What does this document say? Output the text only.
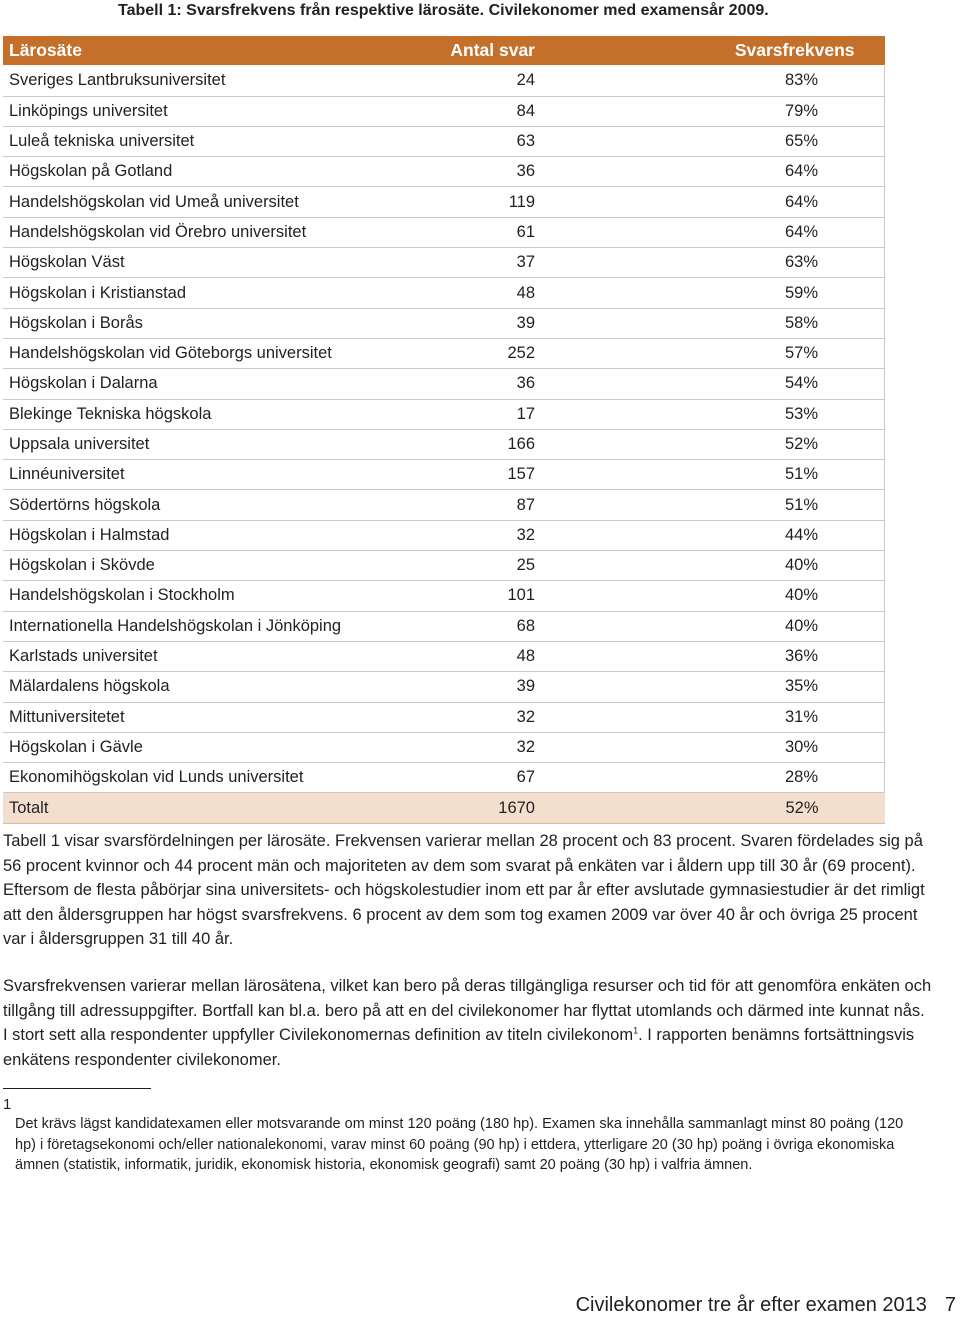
Tabell 1: Svarsfrekvens från respektive lärosäte. Civilekonomer med examensår 2009.
Lärosäte	Antal svar	Svarsfrekvens
Sveriges Lantbruksuniversitet	24	83%
Linköpings universitet	84	79%
Luleå tekniska universitet	63	65%
Högskolan på Gotland	36	64%
Handelshögskolan vid Umeå universitet	119	64%
Handelshögskolan vid Örebro universitet	61	64%
Högskolan Väst	37	63%
Högskolan i Kristianstad	48	59%
Högskolan i Borås	39	58%
Handelshögskolan vid Göteborgs universitet	252	57%
Högskolan i Dalarna	36	54%
Blekinge Tekniska högskola	17	53%
Uppsala universitet	166	52%
Linnéuniversitet	157	51%
Södertörns högskola	87	51%
Högskolan i Halmstad	32	44%
Högskolan i Skövde	25	40%
Handelshögskolan i Stockholm	101	40%
Internationella Handelshögskolan i Jönköping	68	40%
Karlstads universitet	48	36%
Mälardalens högskola	39	35%
Mittuniversitetet	32	31%
Högskolan i Gävle	32	30%
Ekonomihögskolan vid Lunds universitet	67	28%
Totalt	1670	52%
Tabell 1 visar svarsfördelningen per lärosäte. Frekvensen varierar mellan 28 procent och 83 procent. Svaren fördelades sig på 56 procent kvinnor och 44 procent män och majoriteten av dem som svarat på enkäten var i åldern upp till 30 år (69 procent). Eftersom de flesta påbörjar sina universitets- och högskolestudier inom ett par år efter avslutade gymnasiestudier är det rimligt att den åldersgruppen har högst svarsfrekvens. 6 procent av dem som tog examen 2009 var över 40 år och övriga 25 procent var i åldersgruppen 31 till 40 år.
Svarsfrekvensen varierar mellan lärosätena, vilket kan bero på deras tillgängliga resurser och tid för att genomföra enkäten och tillgång till adressuppgifter. Bortfall kan bl.a. bero på att en del civilekonomer har flyttat utomlands och därmed inte kunnat nås. I stort sett alla respondenter uppfyller Civilekonomernas definition av titeln civilekonom$^1$. I rapporten benämns fortsättningsvis enkätens respondenter civilekonomer.
1
Det krävs lägst kandidatexamen eller motsvarande om minst 120 poäng (180 hp). Examen ska innehålla sammanlagt minst 80 poäng (120 hp) i företagsekonomi och/eller nationalekonomi, varav minst 60 poäng (90 hp) i ettdera, ytterligare 20 (30 hp) poäng i övriga ekonomiska ämnen (statistik, informatik, juridik, ekonomisk historia, ekonomisk geografi) samt 20 poäng (30 hp) i valfria ämnen.
Civilekonomer tre år efter examen 2013 7
